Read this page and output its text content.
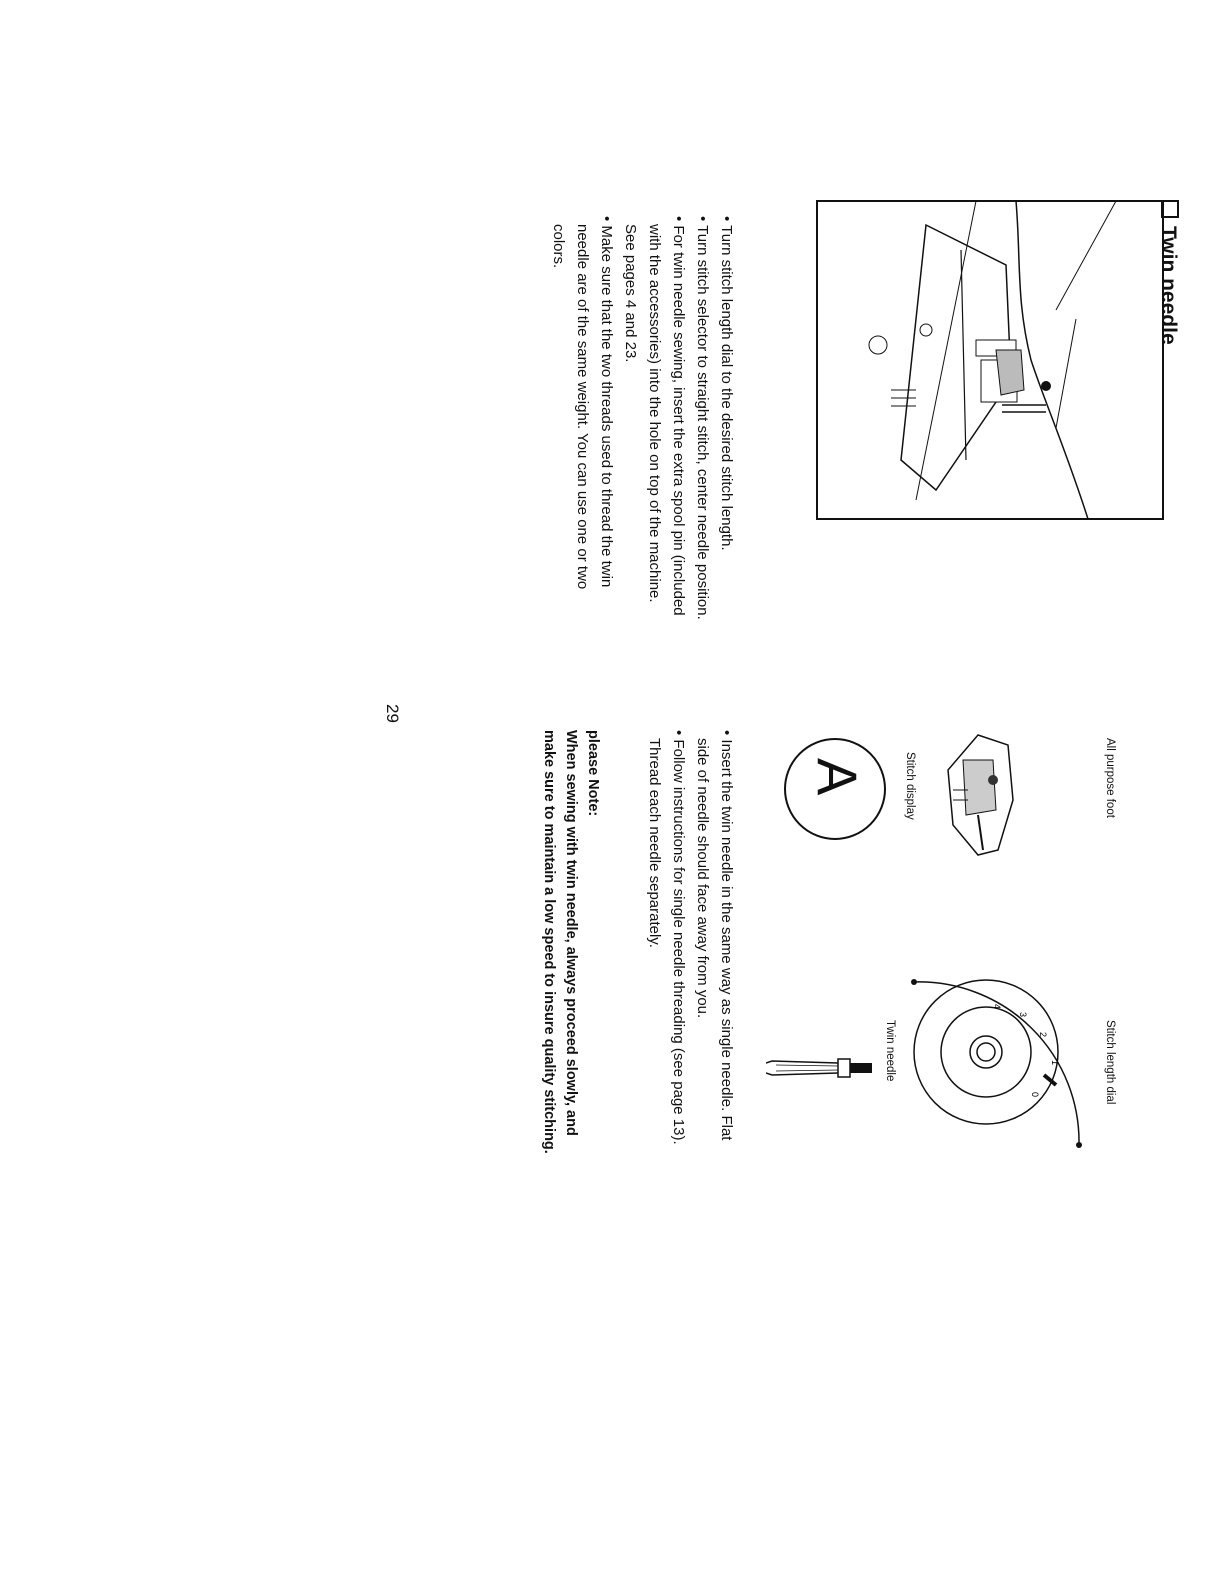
Twin needle

• Turn stitch length dial to the desired stitch length.

• Turn stitch selector to straight stitch, center needle position.

• For twin needle sewing, insert the extra spool pin (included

with the accessories) into the hole on top of the machine.

See pages 4 and 23.

• Make sure that the two threads used to thread the twin

needle are of the same weight. You can use one or two

colors.

29
All purpose foot
Stitch display
Stitch length dial
Twin needle
A
4
3
2
1
0

• Insert the twin needle in the same way as single needle. Flat

side of needle should face away from you.

• Follow instructions for single needle threading (see page 13).

Thread each needle separately.

please Note:

When sewing with twin needle, always proceed slowly, and

make sure to maintain a low speed to insure quality stitching.
